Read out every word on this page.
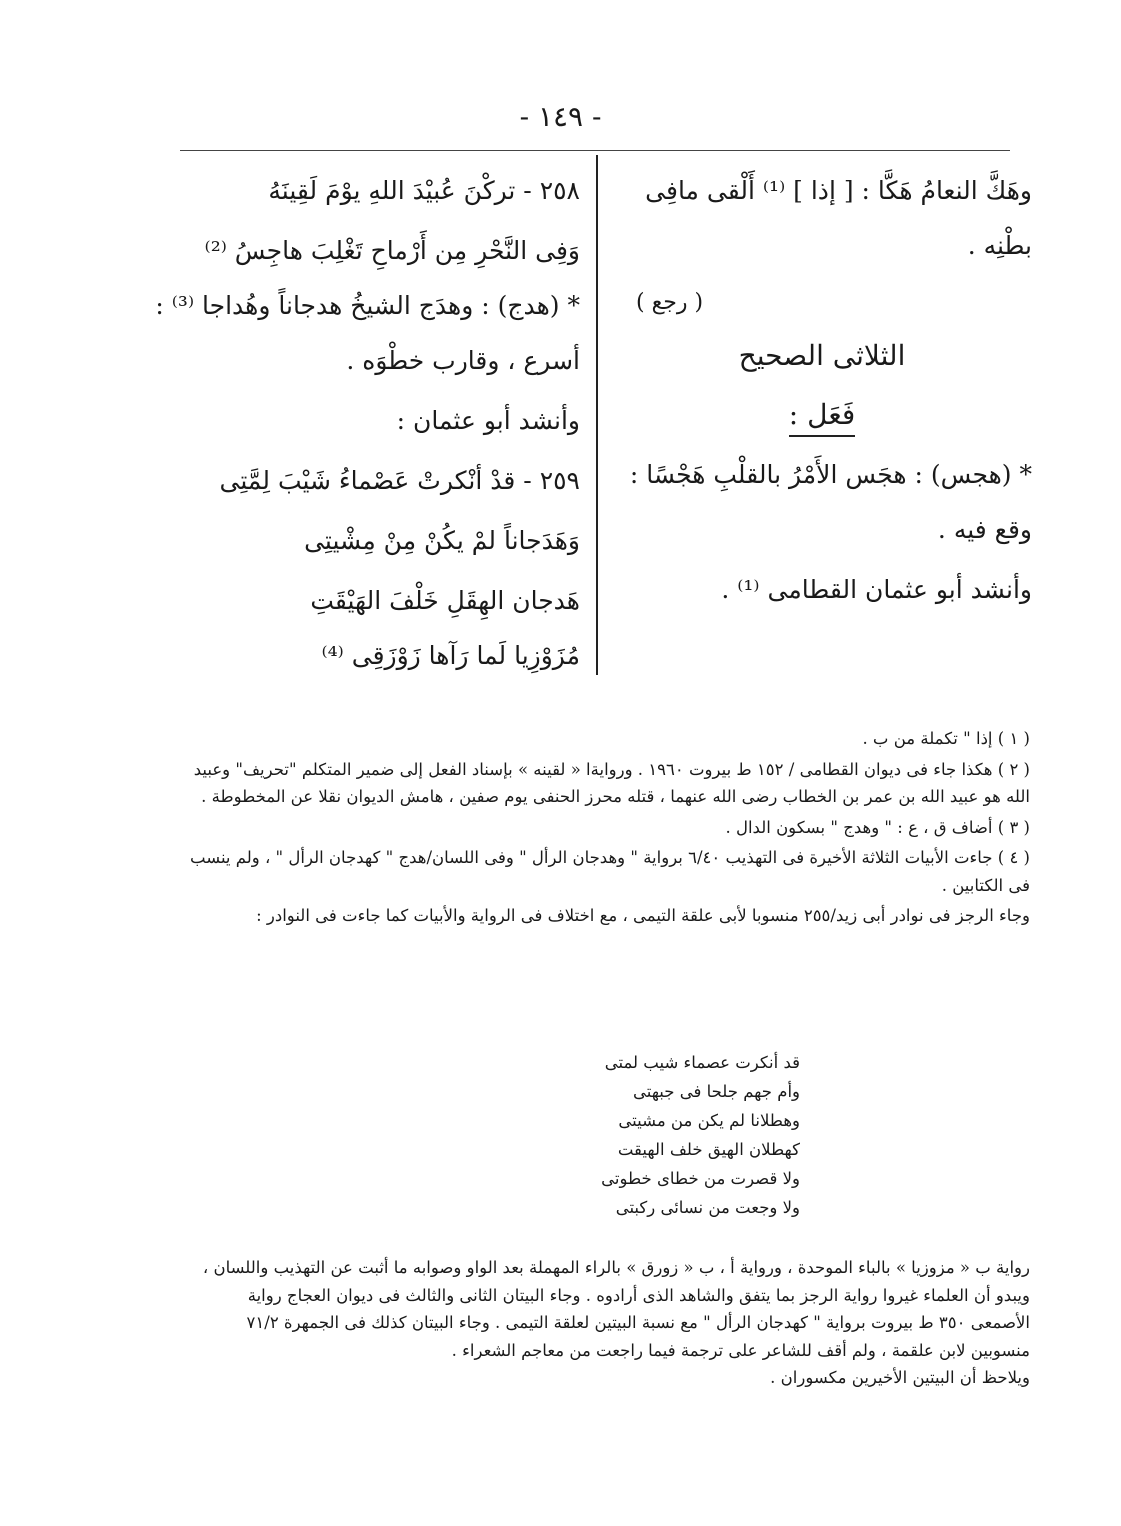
- ١٤٩ -

وهَكَّ النعامُ هَكَّا : [ إذا ] ⁽¹⁾ أَلْقى مافِى

بطْنِه .

( رجع )

الثلاثى الصحيح

فَعَل :

* (هجس) : هجَس الأَمْرُ بالقلْبِ هَجْسًا :

وقع فيه .

وأنشد أبو عثمان القطامى ⁽¹⁾ .

٢٥٨ - تركْنَ عُبيْدَ اللهِ يوْمَ لَقِينَهُ

وَفِى النَّحْرِ مِن أَرْماحِ تَغْلِبَ هاجِسُ ⁽²⁾

* (هدج) : وهدَج الشيخُ هدجاناً وهُداجا ⁽³⁾ :

أسرع ، وقارب خطْوَه .

وأنشد أبو عثمان :

٢٥٩ - قدْ أنْكرتْ عَصْماءُ شَيْبَ لِمَّتِى

وَهَدَجاناً لمْ يكُنْ مِنْ مِشْيتِى

هَدجان الهِقَلِ خَلْفَ الهَيْقَتِ

مُزَوْزِيا لَما رَآها زَوْزَقِى ⁽⁴⁾

( ١ ) إذا " تكملة من ب .

( ٢ ) هكذا جاء فى ديوان القطامى / ١٥٢ ط بيروت ١٩٦٠ . وروايةا « لقينه » بإسناد الفعل إلى ضمير المتكلم "تحريف" وعبيد الله هو عبيد الله بن عمر بن الخطاب رضى الله عنهما ، قتله محرز الحنفى يوم صفين ، هامش الديوان نقلا عن المخطوطة .

( ٣ ) أضاف ق ، ع : " وهدج " بسكون الدال .

( ٤ ) جاءت الأبيات الثلاثة الأخيرة فى التهذيب ٦/٤٠ برواية " وهدجان الرأل " وفى اللسان/هدج " كهدجان الرأل " ، ولم ينسب فى الكتابين .

وجاء الرجز فى نوادر أبى زيد/٢٥٥ منسوبا لأبى علقة التيمى ، مع اختلاف فى الرواية والأبيات كما جاءت فى النوادر :

قد أنكرت عصماء شيب لمتى

وأم جهم جلحا فى جبهتى

وهطلانا لم يكن من مشيتى

كهطلان الهيق خلف الهيقت

ولا قصرت من خطاى خطوتى

ولا وجعت من نسائى ركبتى

رواية ب « مزوزيا » بالباء الموحدة ، ورواية أ ، ب « زورق » بالراء المهملة بعد الواو وصوابه ما أثبت عن التهذيب واللسان ، ويبدو أن العلماء غيروا رواية الرجز بما يتفق والشاهد الذى أرادوه . وجاء البيتان الثانى والثالث فى ديوان العجاج رواية الأصمعى ٣٥٠ ط بيروت برواية " كهدجان الرأل " مع نسبة البيتين لعلقة التيمى . وجاء البيتان كذلك فى الجمهرة ٧١/٢ منسوبين لابن علقمة ، ولم أقف للشاعر على ترجمة فيما راجعت من معاجم الشعراء .

ويلاحظ أن البيتين الأخيرين مكسوران .
